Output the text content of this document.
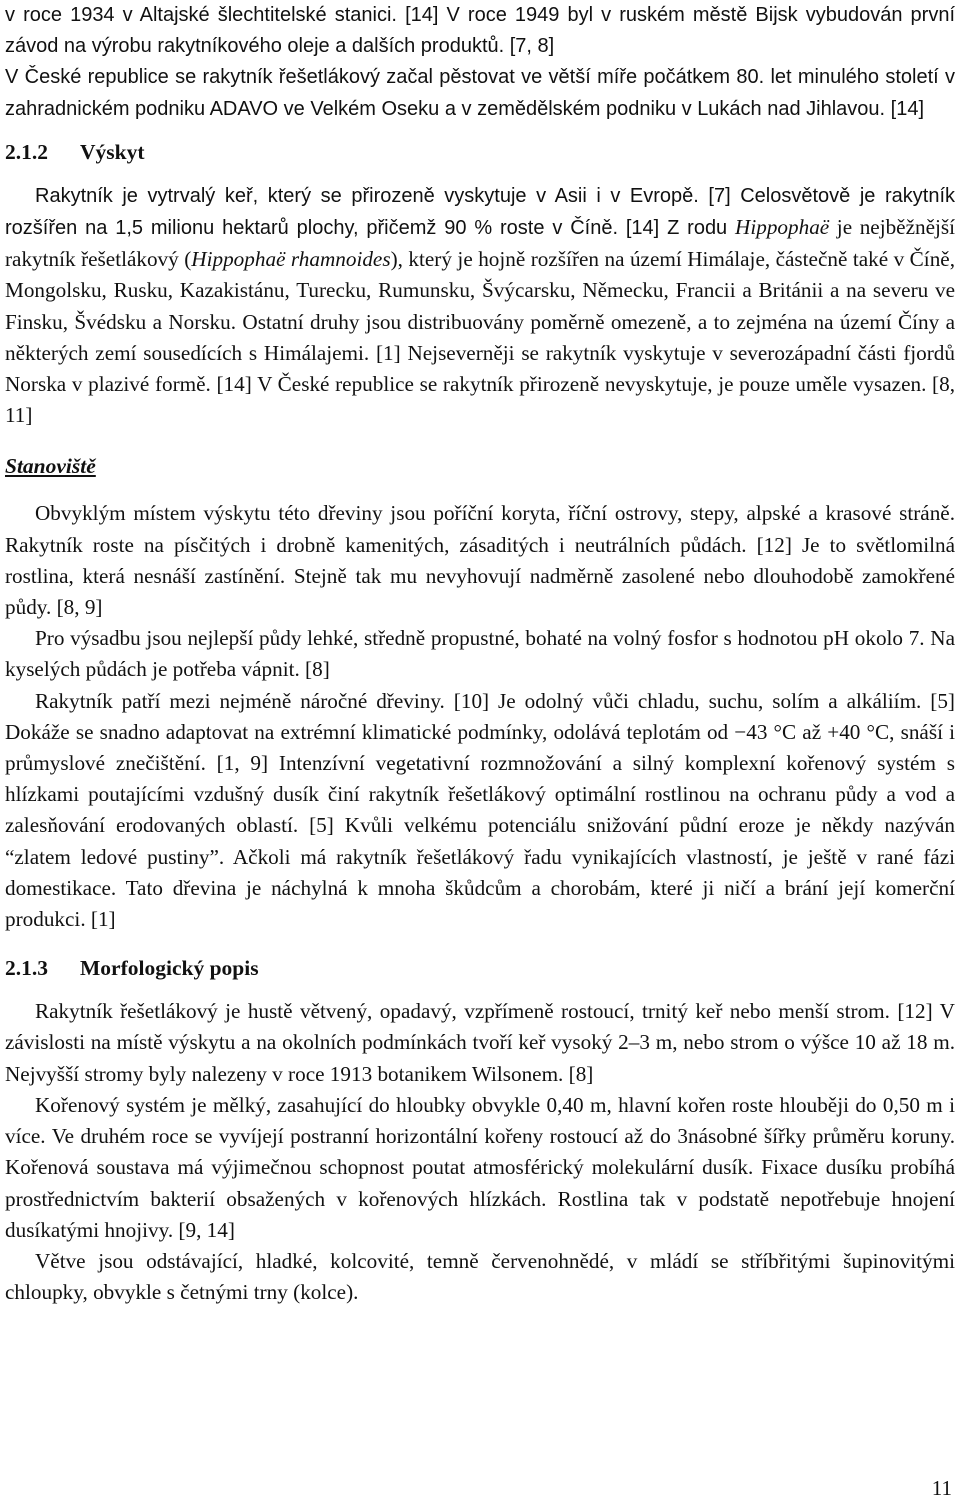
v roce 1934 v Altajské šlechtitelské stanici. [14] V roce 1949 byl v ruském městě Bijsk vybudován první závod na výrobu rakytníkového oleje a dalších produktů. [7, 8]

V České republice se rakytník řešetlákový začal pěstovat ve větší míře počátkem 80. let minulého století v zahradnickém podniku ADAVO ve Velkém Oseku a v zemědělském podniku v Lukách nad Jihlavou. [14]

2.1.2 Výskyt

Rakytník je vytrvalý keř, který se přirozeně vyskytuje v Asii i v Evropě. [7] Celosvětově je rakytník rozšířen na 1,5 milionu hektarů plochy, přičemž 90 % roste v Číně. [14] Z rodu Hippophaë je nejběžnější rakytník řešetlákový (Hippophaë rhamnoides), který je hojně rozšířen na území Himálaje, částečně také v Číně, Mongolsku, Rusku, Kazakistánu, Turecku, Rumunsku, Švýcarsku, Německu, Francii a Británii a na severu ve Finsku, Švédsku a Norsku. Ostatní druhy jsou distribuovány poměrně omezeně, a to zejména na území Číny a některých zemí sousedících s Himálajemi. [1] Nejseverněji se rakytník vyskytuje v severozápadní části fjordů Norska v plazivé formě. [14] V České republice se rakytník přirozeně nevyskytuje, je pouze uměle vysazen. [8, 11]

Stanoviště

Obvyklým místem výskytu této dřeviny jsou poříční koryta, říční ostrovy, stepy, alpské a krasové stráně. Rakytník roste na písčitých i drobně kamenitých, zásaditých i neutrálních půdách. [12] Je to světlomilná rostlina, která nesnáší zastínění. Stejně tak mu nevyhovují nadměrně zasolené nebo dlouhodobě zamokřené půdy. [8, 9]

Pro výsadbu jsou nejlepší půdy lehké, středně propustné, bohaté na volný fosfor s hodnotou pH okolo 7. Na kyselých půdách je potřeba vápnit. [8]

Rakytník patří mezi nejméně náročné dřeviny. [10] Je odolný vůči chladu, suchu, solím a alkáliím. [5] Dokáže se snadno adaptovat na extrémní klimatické podmínky, odolává teplotám od −43 °C až +40 °C, snáší i průmyslové znečištění. [1, 9] Intenzívní vegetativní rozmnožování a silný komplexní kořenový systém s hlízkami poutajícími vzdušný dusík činí rakytník řešetlákový optimální rostlinou na ochranu půdy a vod a zalesňování erodovaných oblastí. [5] Kvůli velkému potenciálu snižování půdní eroze je někdy nazýván “zlatem ledové pustiny”. Ačkoli má rakytník řešetlákový řadu vynikajících vlastností, je ještě v rané fázi domestikace. Tato dřevina je náchylná k mnoha škůdcům a chorobám, které ji ničí a brání její komerční produkci. [1]

2.1.3 Morfologický popis

Rakytník řešetlákový je hustě větvený, opadavý, vzpřímeně rostoucí, trnitý keř nebo menší strom. [12] V závislosti na místě výskytu a na okolních podmínkách tvoří keř vysoký 2–3 m, nebo strom o výšce 10 až 18 m. Nejvyšší stromy byly nalezeny v roce 1913 botanikem Wilsonem. [8]

Kořenový systém je mělký, zasahující do hloubky obvykle 0,40 m, hlavní kořen roste hlouběji do 0,50 m i více. Ve druhém roce se vyvíjejí postranní horizontální kořeny rostoucí až do 3násobné šířky průměru koruny. Kořenová soustava má výjimečnou schopnost poutat atmosférický molekulární dusík. Fixace dusíku probíhá prostřednictvím bakterií obsažených v kořenových hlízkách. Rostlina tak v podstatě nepotřebuje hnojení dusíkatými hnojivy. [9, 14]

Větve jsou odstávající, hladké, kolcovité, temně červenohnědé, v mládí se stříbřitými šupinovitými chloupky, obvykle s četnými trny (kolce).

11
